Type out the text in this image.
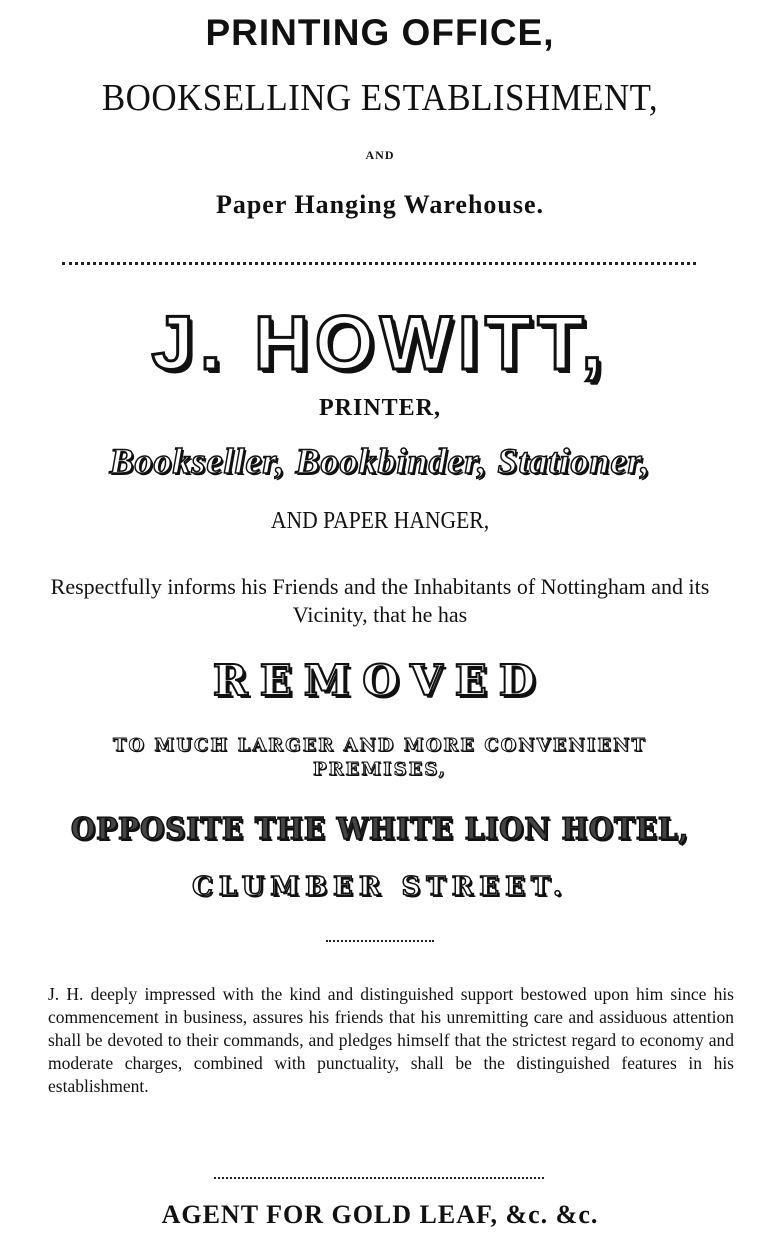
PRINTING OFFICE,
BOOKSELLING ESTABLISHMENT,
AND
Paper Hanging Warehouse.
J. HOWITT,
PRINTER,
Bookseller, Bookbinder, Stationer,
AND PAPER HANGER,
Respectfully informs his Friends and the Inhabitants of Nottingham and its Vicinity, that he has
REMOVED
TO MUCH LARGER AND MORE CONVENIENT PREMISES,
OPPOSITE THE WHITE LION HOTEL,
CLUMBER STREET.
J. H. deeply impressed with the kind and distinguished support bestowed upon him since his commencement in business, assures his friends that his unremitting care and assiduous attention shall be devoted to their commands, and pledges himself that the strictest regard to economy and moderate charges, combined with punctuality, shall be the distinguished features in his establishment.
AGENT FOR GOLD LEAF, &c. &c.
